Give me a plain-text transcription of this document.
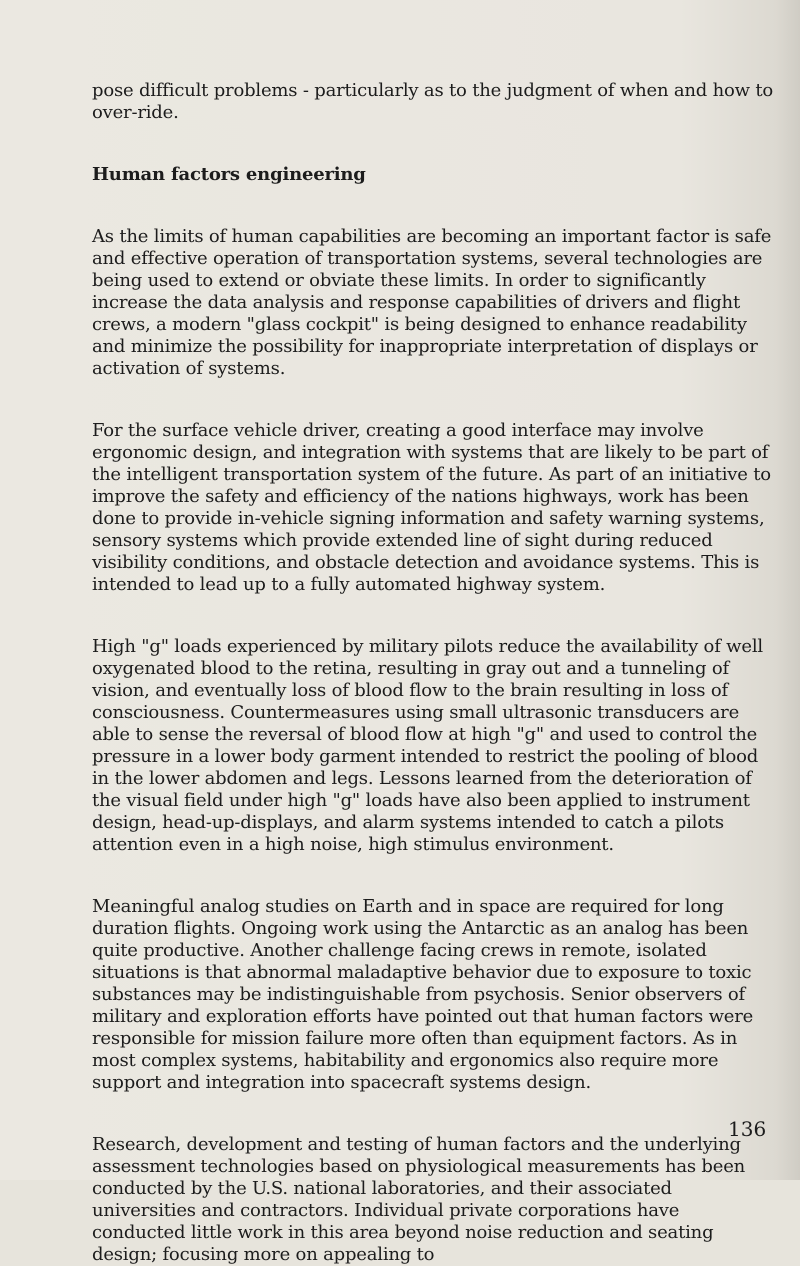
pose difficult problems - particularly as to the judgment of when and how to over-ride.

Human factors engineering

As the limits of human capabilities are becoming an important factor is safe and effective operation of transportation systems, several technologies are being used to extend or obviate these limits. In order to significantly increase the data analysis and response capabilities of drivers and flight crews, a modern "glass cockpit" is being designed to enhance readability and minimize the possibility for inappropriate interpretation of displays or activation of systems.

For the surface vehicle driver, creating a good interface may involve ergonomic design, and integration with systems that are likely to be part of the intelligent transportation system of the future. As part of an initiative to improve the safety and efficiency of the nations highways, work has been done to provide in-vehicle signing information and safety warning systems, sensory systems which provide extended line of sight during reduced visibility conditions, and obstacle detection and avoidance systems. This is intended to lead up to a fully automated highway system.

High "g" loads experienced by military pilots reduce the availability of well oxygenated blood to the retina, resulting in gray out and a tunneling of vision, and eventually loss of blood flow to the brain resulting in loss of consciousness. Countermeasures using small ultrasonic transducers are able to sense the reversal of blood flow at high "g" and used to control the pressure in a lower body garment intended to restrict the pooling of blood in the lower abdomen and legs. Lessons learned from the deterioration of the visual field under high "g" loads have also been applied to instrument design, head-up-displays, and alarm systems intended to catch a pilots attention even in a high noise, high stimulus environment.

Meaningful analog studies on Earth and in space are required for long duration flights. Ongoing work using the Antarctic as an analog has been quite productive. Another challenge facing crews in remote, isolated situations is that abnormal maladaptive behavior due to exposure to toxic substances may be indistinguishable from psychosis. Senior observers of military and exploration efforts have pointed out that human factors were responsible for mission failure more often than equipment factors. As in most complex systems, habitability and ergonomics also require more support and integration into spacecraft systems design.

Research, development and testing of human factors and the underlying assessment technologies based on physiological measurements has been conducted by the U.S. national laboratories, and their associated universities and contractors. Individual private corporations have conducted little work in this area beyond noise reduction and seating design; focusing more on appealing to

136
